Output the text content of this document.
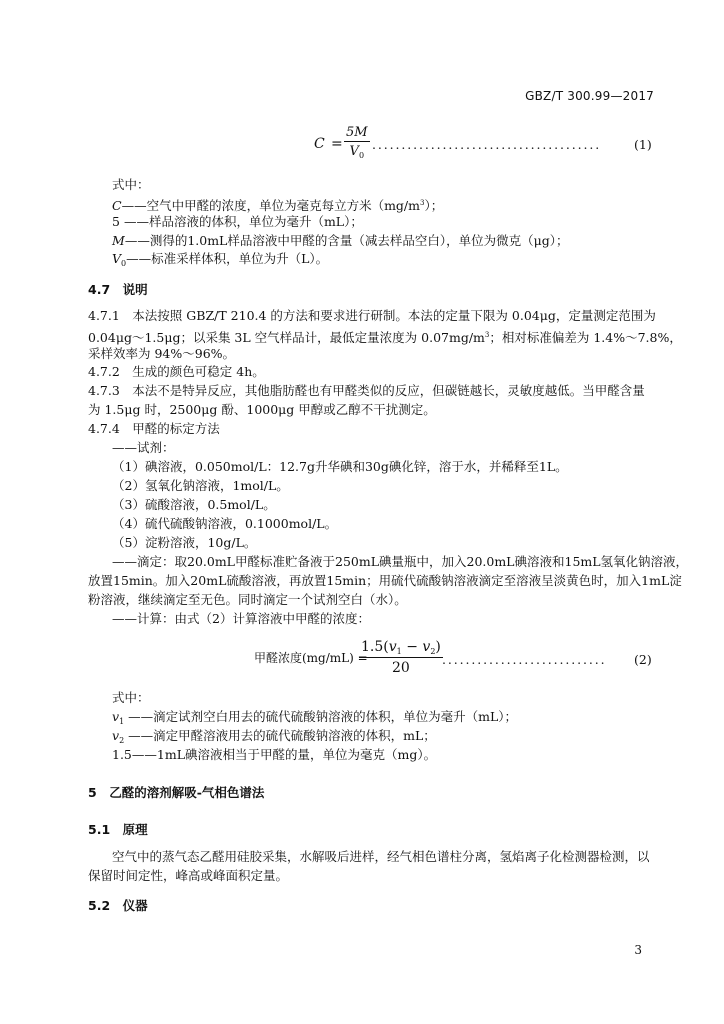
GBZ/T 300.99—2017
C =
5M
$V_0$
.......................................	(1)
式中：
C——空气中甲醛的浓度，单位为毫克每立方米$(mg/m^3)$；
5 ——样品溶液的体积，单位为毫升（mL）；
M——测得的1.0mL样品溶液中甲醛的含量（减去样品空白），单位为微克（μg）；
$V_0——$标准采样体积，单位为升（L）。
4.7　 说明
4.7.1　本法按照 GBZ/T 210.4 的方法和要求进行研制。本法的定量下限为 0.04μg，定量测定范围为
0.04μg～1.5μg；以采集 3L 空气样品计，最低定量浓度为 $0.07mg/m^3$；相对标准偏差为 1.4%～7.8%，
采样效率为 94%～96%。
4.7.2　生成的颜色可稳定 4h。
4.7.3　本法不是特异反应，其他脂肪醛也有甲醛类似的反应，但碳链越长，灵敏度越低。当甲醛含量
为 1.5μg 时，2500μg 酚、1000μg 甲醇或乙醇不干扰测定。
4.7.4　甲醛的标定方法
——试剂：
（1）碘溶液，0.050mol/L：12.7g升华碘和30g碘化锌，溶于水，并稀释至1L。
（2）氢氧化钠溶液，1mol/L。
（3）硫酸溶液，0.5mol/L。
（4）硫代硫酸钠溶液，0.1000mol/L。
（5）淀粉溶液，10g/L。
——滴定：取20.0mL甲醛标准贮备液于250mL碘量瓶中，加入20.0mL碘溶液和15mL氢氧化钠溶液，
放置15min。加入20mL硫酸溶液，再放置15min；用硫代硫酸钠溶液滴定至溶液呈淡黄色时，加入1mL淀
粉溶液，继续滴定至无色。同时滴定一个试剂空白（水）。
——计算：由式（2）计算溶液中甲醛的浓度：
甲醛浓度(mg/mL) =
$1.5(v_1 - v_2)$
20
............................ (2)
式中：
$v_1$ ——滴定试剂空白用去的硫代硫酸钠溶液的体积，单位为毫升（mL）；
$v_2$ ——滴定甲醛溶液用去的硫代硫酸钠溶液的体积，mL；
1.5——1mL碘溶液相当于甲醛的量，单位为毫克（mg）。
5　 乙醛的溶剂解吸-气相色谱法
5.1　 原理
空气中的蒸气态乙醛用硅胶采集，水解吸后进样，经气相色谱柱分离，氢焰离子化检测器检测，以
保留时间定性，峰高或峰面积定量。
5.2　 仪器
3
